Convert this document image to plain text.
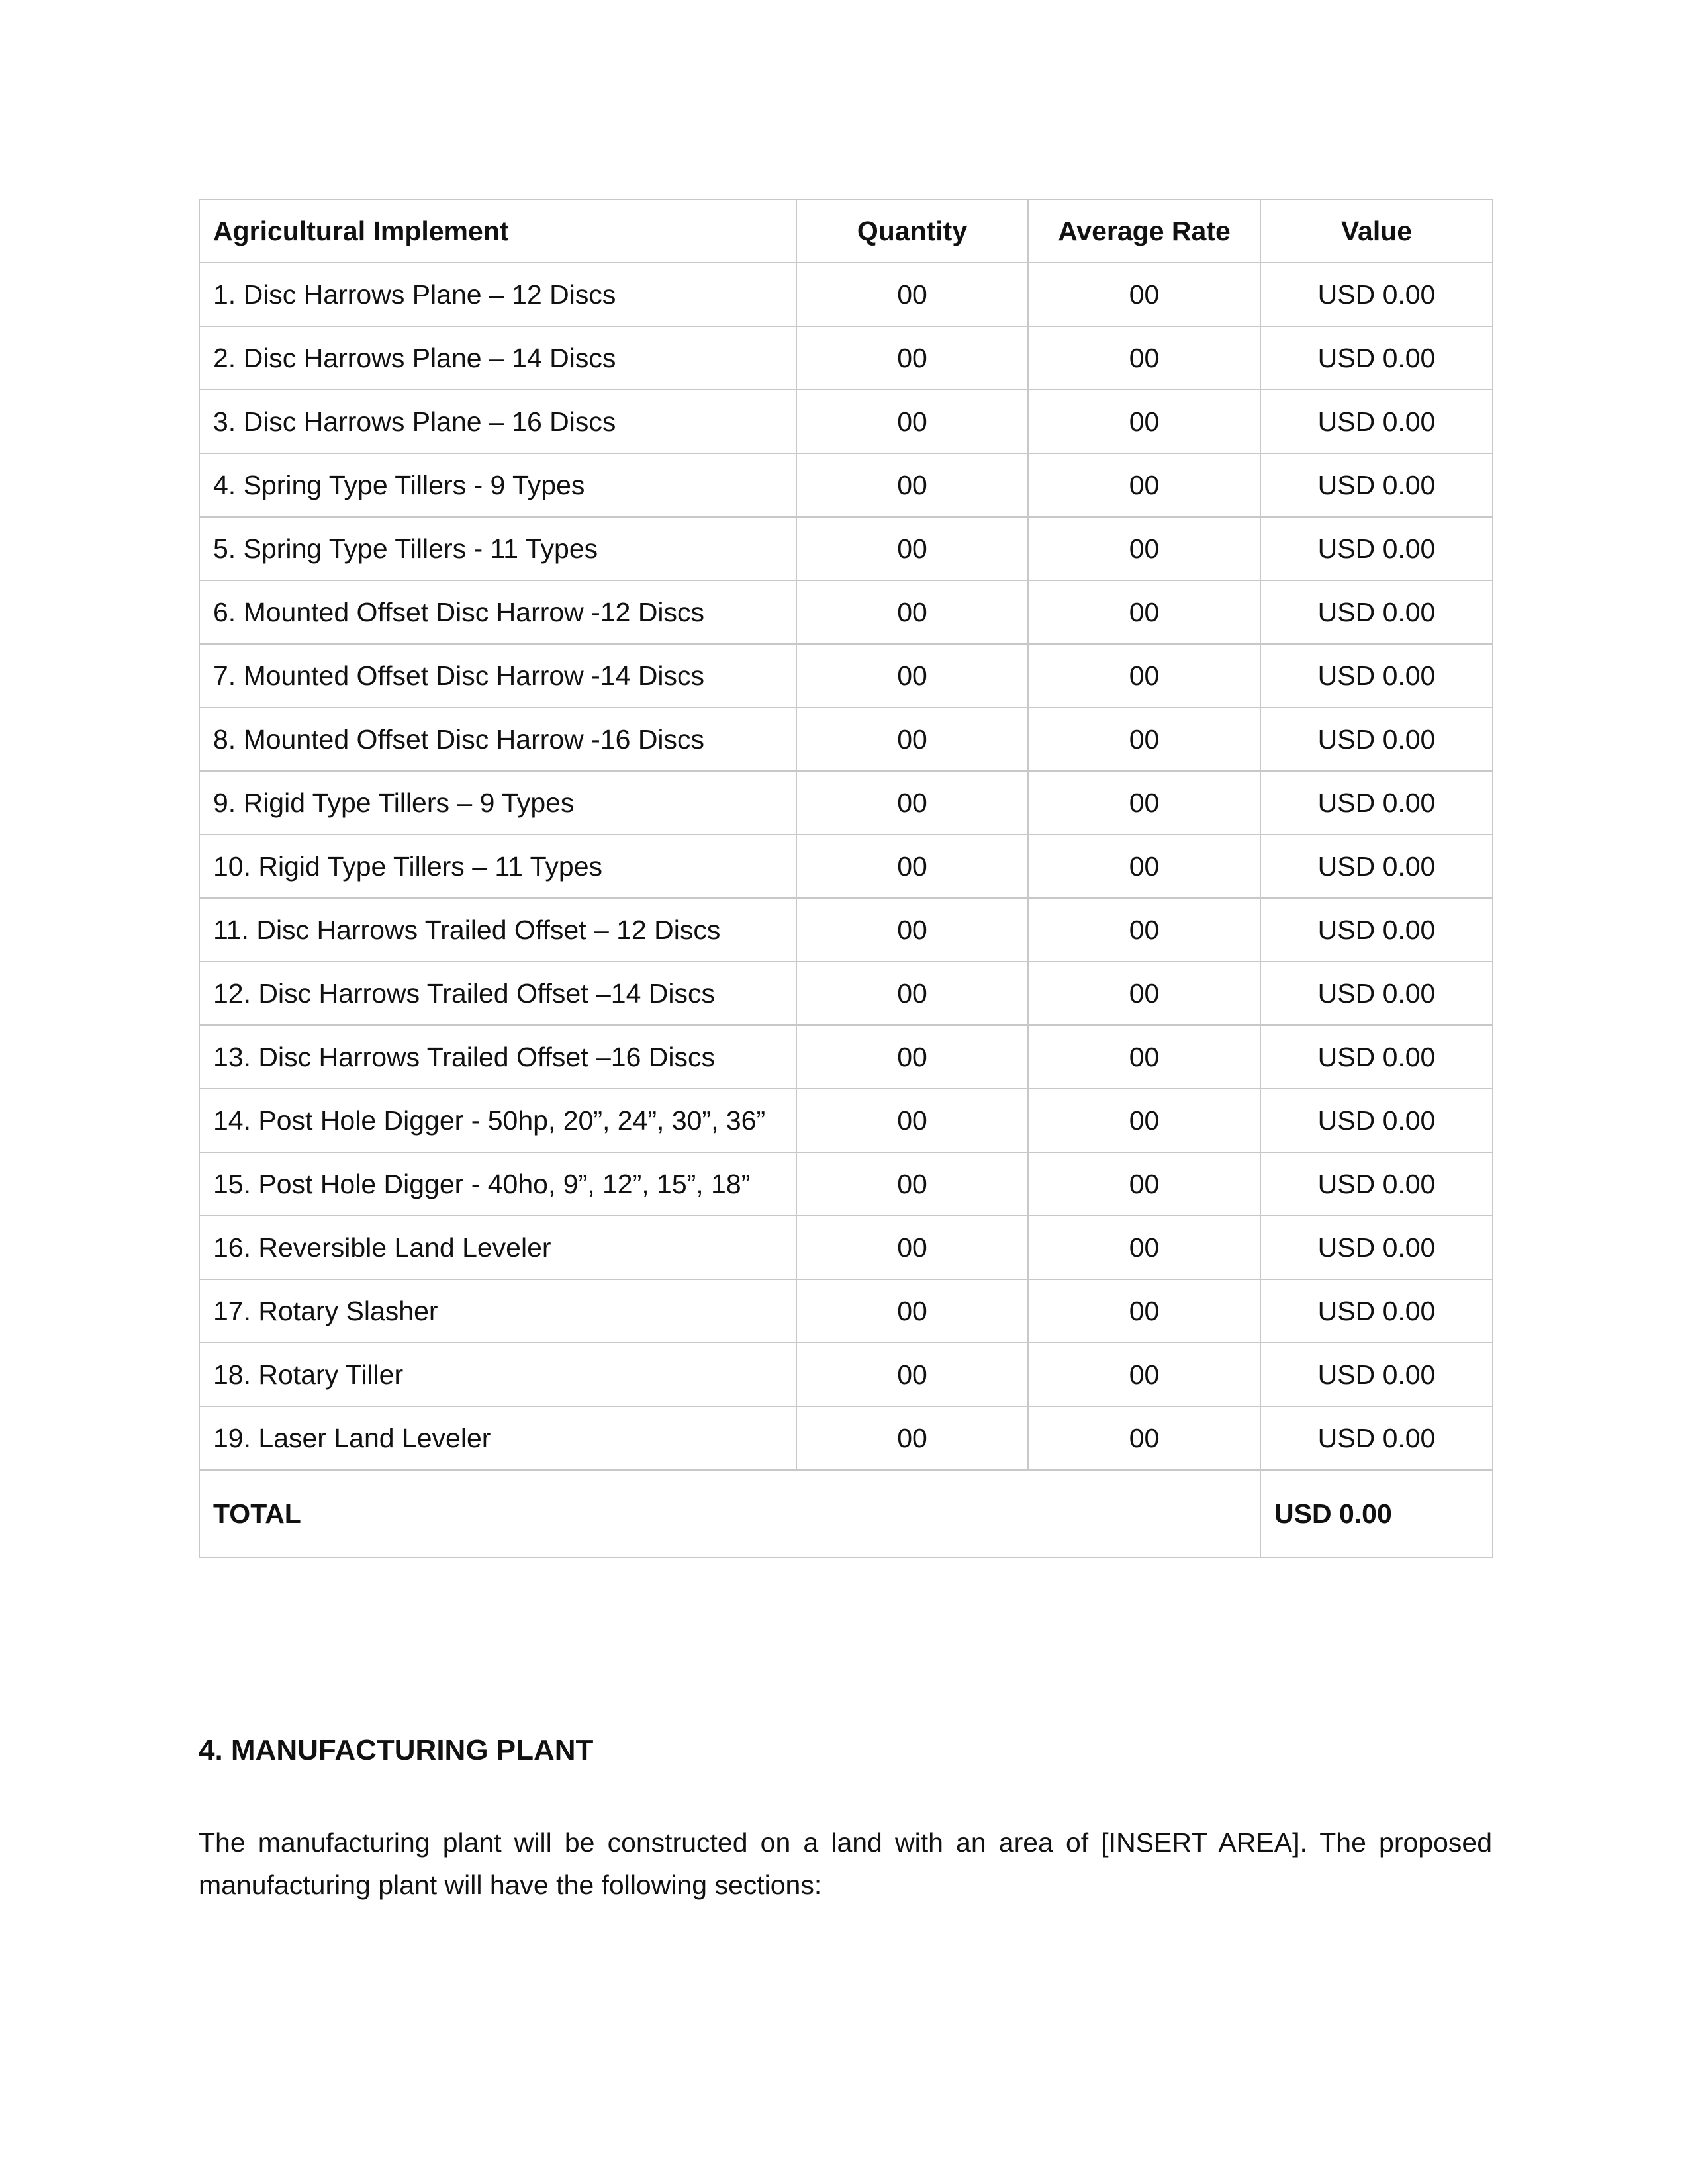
Agricultural Implement	Quantity	Average Rate	Value
1. Disc Harrows Plane – 12 Discs	00	00	USD 0.00
2. Disc Harrows Plane – 14 Discs	00	00	USD 0.00
3. Disc Harrows Plane – 16 Discs	00	00	USD 0.00
4. Spring Type Tillers - 9 Types	00	00	USD 0.00
5. Spring Type Tillers - 11 Types	00	00	USD 0.00
6. Mounted Offset Disc Harrow -12 Discs	00	00	USD 0.00
7. Mounted Offset Disc Harrow -14 Discs	00	00	USD 0.00
8. Mounted Offset Disc Harrow -16 Discs	00	00	USD 0.00
9. Rigid Type Tillers – 9 Types	00	00	USD 0.00
10. Rigid Type Tillers – 11 Types	00	00	USD 0.00
11. Disc Harrows Trailed Offset – 12 Discs	00	00	USD 0.00
12. Disc Harrows Trailed Offset –14 Discs	00	00	USD 0.00
13. Disc Harrows Trailed Offset –16 Discs	00	00	USD 0.00
14. Post Hole Digger - 50hp, 20”, 24”, 30”, 36”	00	00	USD 0.00
15. Post Hole Digger - 40ho, 9”, 12”, 15”, 18”	00	00	USD 0.00
16. Reversible Land Leveler	00	00	USD 0.00
17. Rotary Slasher	00	00	USD 0.00
18. Rotary Tiller	00	00	USD 0.00
19. Laser Land Leveler	00	00	USD 0.00
TOTAL			USD 0.00
4. MANUFACTURING PLANT

The manufacturing plant will be constructed on a land with an area of [INSERT AREA]. The proposed manufacturing plant will have the following sections:
